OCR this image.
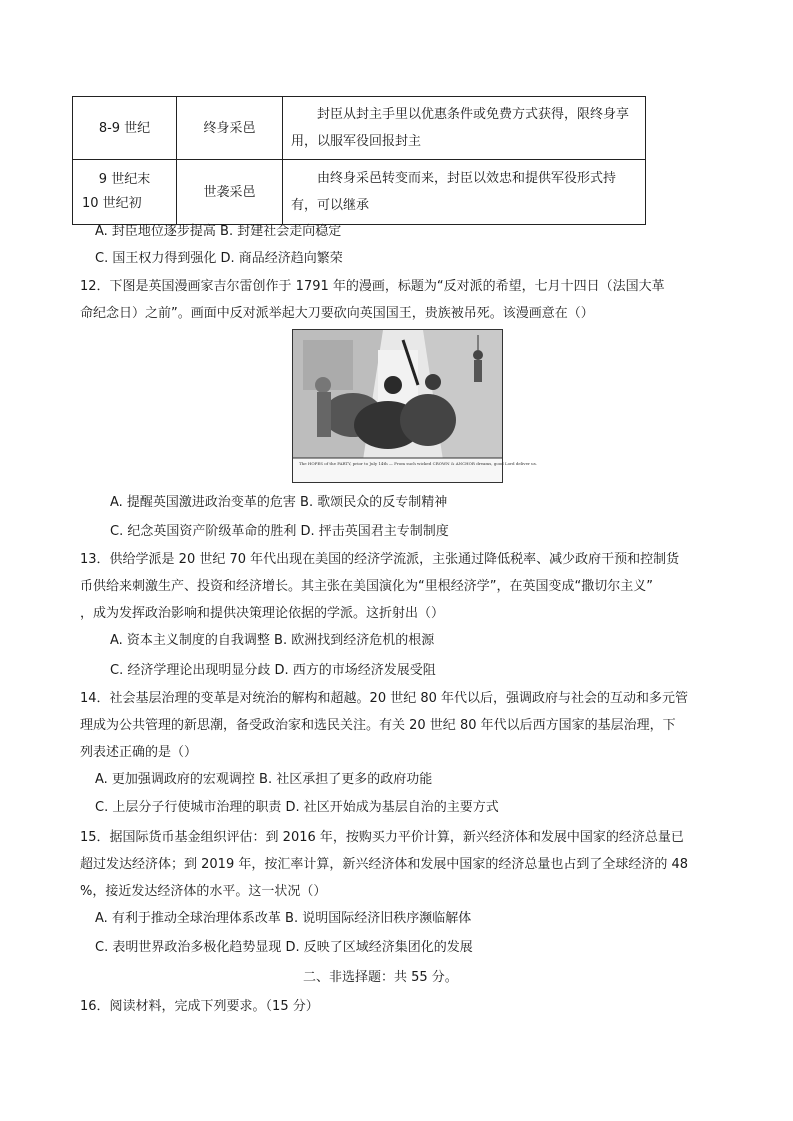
8-9 世纪	终身采邑	封臣从封主手里以优惠条件或免费方式获得，限终身享用，以服军役回报封主

9 世纪末
10 世纪初	世袭采邑	由终身采邑转变而来，封臣以效忠和提供军役形式持有，可以继承
A. 封臣地位逐步提高 B. 封建社会走向稳定
C. 国王权力得到强化 D. 商品经济趋向繁荣
12．下图是英国漫画家吉尔雷创作于 1791 年的漫画，标题为“反对派的希望，七月十四日（法国大革
命纪念日）之前”。画面中反对派举起大刀要砍向英国国王，贵族被吊死。该漫画意在（）
The HOPES of the PARTY, prior to July 14th — From such wicked CROWN & ANCHOR dreams, good Lord deliver us.
A. 提醒英国激进政治变革的危害 B. 歌颂民众的反专制精神
C. 纪念英国资产阶级革命的胜利 D. 抨击英国君主专制制度
13．供给学派是 20 世纪 70 年代出现在美国的经济学流派，主张通过降低税率、减少政府干预和控制货
币供给来刺激生产、投资和经济增长。其主张在美国演化为“里根经济学”，在英国变成“撒切尔主义”
，成为发挥政治影响和提供决策理论依据的学派。这折射出（）
A. 资本主义制度的自我调整 B. 欧洲找到经济危机的根源
C. 经济学理论出现明显分歧 D. 西方的市场经济发展受阻
14．社会基层治理的变革是对统治的解构和超越。20 世纪 80 年代以后，强调政府与社会的互动和多元管
理成为公共管理的新思潮，备受政治家和选民关注。有关 20 世纪 80 年代以后西方国家的基层治理，下
列表述正确的是（）
A. 更加强调政府的宏观调控 B. 社区承担了更多的政府功能
C. 上层分子行使城市治理的职责 D. 社区开始成为基层自治的主要方式
15．据国际货币基金组织评估：到 2016 年，按购买力平价计算，新兴经济体和发展中国家的经济总量已
超过发达经济体；到 2019 年，按汇率计算，新兴经济体和发展中国家的经济总量也占到了全球经济的 48
%，接近发达经济体的水平。这一状况（）
A. 有利于推动全球治理体系改革 B. 说明国际经济旧秩序濒临解体
C. 表明世界政治多极化趋势显现 D. 反映了区域经济集团化的发展
二、非选择题：共 55 分。
16．阅读材料，完成下列要求。（15 分）
